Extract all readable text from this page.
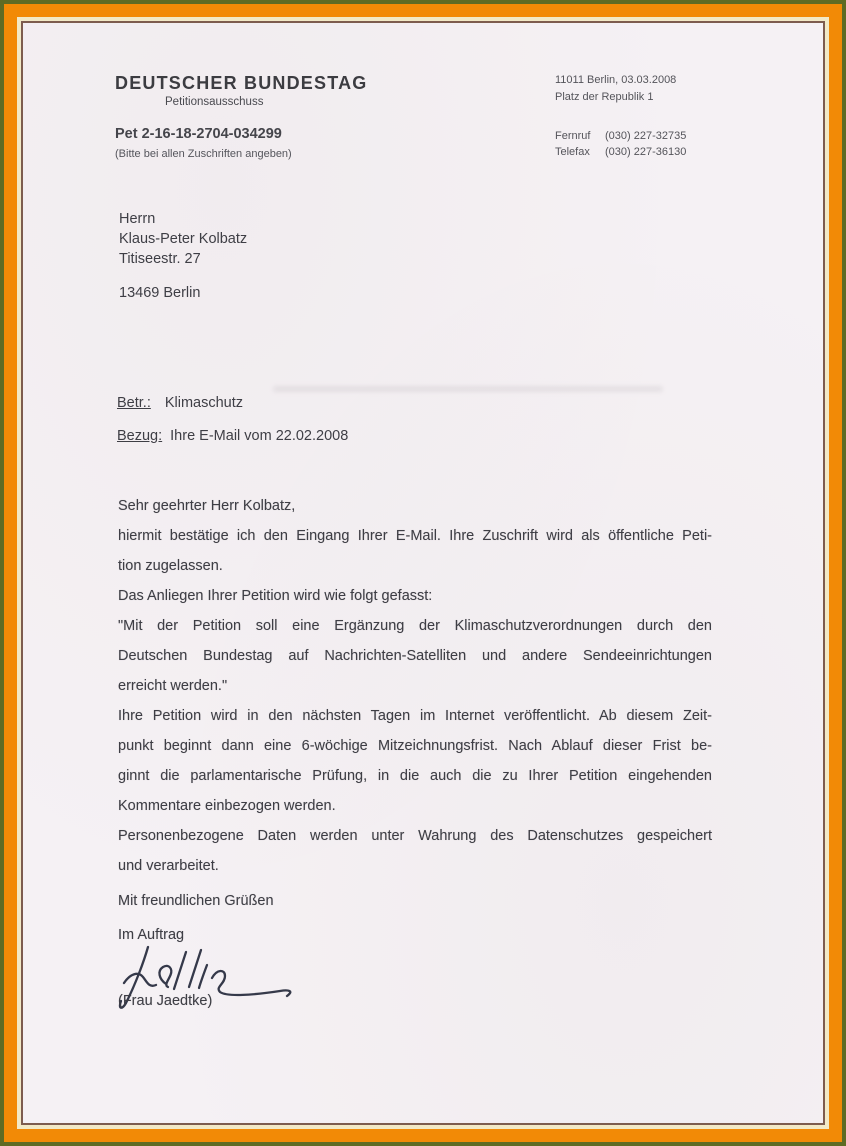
DEUTSCHER BUNDESTAG
Petitionsausschuss
Pet 2-16-18-2704-034299
(Bitte bei allen Zuschriften angeben)
11011 Berlin, 03.03.2008
Platz der Republik 1
Fernruf (030) 227-32735
Telefax (030) 227-36130
Herrn
Klaus-Peter Kolbatz
Titiseestr. 27
13469 Berlin
Betr.: Klimaschutz
Bezug: Ihre E-Mail vom 22.02.2008
Sehr geehrter Herr Kolbatz,
hiermit bestätige ich den Eingang Ihrer E-Mail. Ihre Zuschrift wird als öffentliche Peti-
tion zugelassen.
Das Anliegen Ihrer Petition wird wie folgt gefasst:
"Mit der Petition soll eine Ergänzung der Klimaschutzverordnungen durch den
Deutschen Bundestag auf Nachrichten-Satelliten und andere Sendeeinrichtungen
erreicht werden."
Ihre Petition wird in den nächsten Tagen im Internet veröffentlicht. Ab diesem Zeit-
punkt beginnt dann eine 6-wöchige Mitzeichnungsfrist. Nach Ablauf dieser Frist be-
ginnt die parlamentarische Prüfung, in die auch die zu Ihrer Petition eingehenden
Kommentare einbezogen werden.
Personenbezogene Daten werden unter Wahrung des Datenschutzes gespeichert
und verarbeitet.
Mit freundlichen Grüßen
Im Auftrag
(Frau Jaedtke)
